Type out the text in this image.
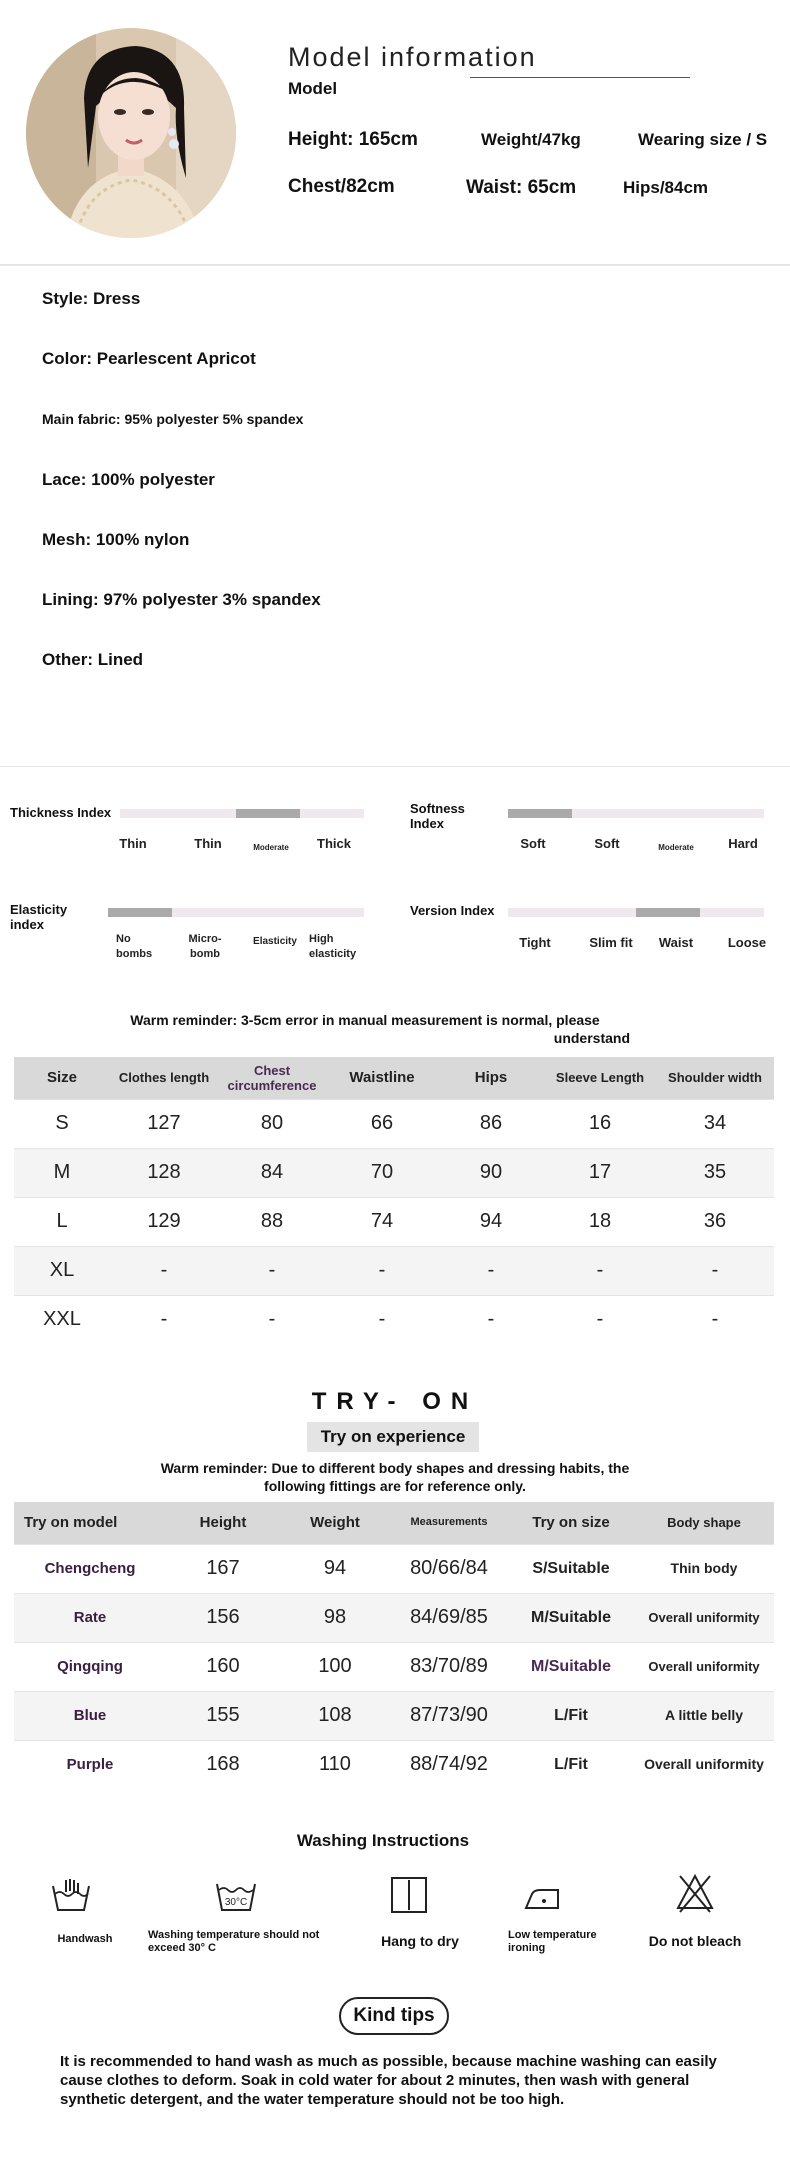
Model information
Model
Height: 165cm	Weight/47kg	Wearing size / S
Chest/82cm	Waist: 65cm	Hips/84cm
Style: Dress
Color: Pearlescent Apricot
Main fabric: 95% polyester 5% spandex
Lace: 100% polyester
Mesh: 100% nylon
Lining: 97% polyester 3% spandex
Other: Lined
Thickness Index
Thin	Thin	Moderate	Thick
Softness
Index
Soft	Soft	Moderate	Hard
Elasticity
index
No
bombs
Micro-
bomb
Elasticity	High
elasticity
Version Index
Tight	Slim fit	Waist	Loose
Warm reminder: 3-5cm error in manual measurement is normal, please
understand
Size	Clothes length	Chest circumference	Waistline	Hips	Sleeve Length	Shoulder width
S	127	80	66	86	16	34
M	128	84	70	90	17	35
L	129	88	74	94	18	36
XL	-	-	-	-	-	-
XXL	-	-	-	-	-	-
TRY- ON
Try on experience
Warm reminder: Due to different body shapes and dressing habits, the
following fittings are for reference only.
Try on model	Height	Weight	Measurements	Try on size	Body shape
Chengcheng	167	94	80/66/84	S/Suitable	Thin body
Rate	156	98	84/69/85	M/Suitable	Overall uniformity
Qingqing	160	100	83/70/89	M/Suitable	Overall uniformity
Blue	155	108	87/73/90	L/Fit	A little belly
Purple	168	110	88/74/92	L/Fit	Overall uniformity
Washing Instructions
Handwash
30°C
Washing temperature should not exceed 30° C	Hang to dry	Low temperature ironing	Do not bleach
Kind tips
It is recommended to hand wash as much as possible, because machine washing can easily cause clothes to deform. Soak in cold water for about 2 minutes, then wash with general synthetic detergent, and the water temperature should not be too high.
